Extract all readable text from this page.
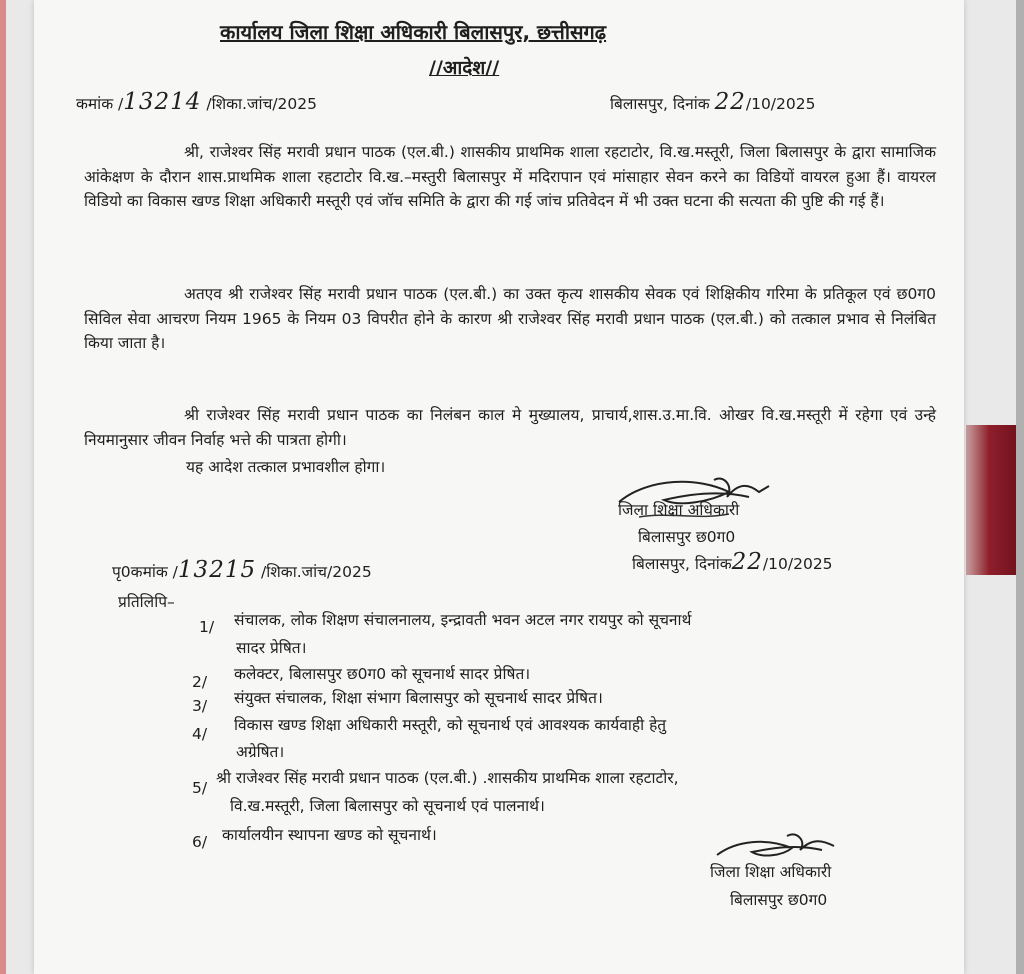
कार्यालय जिला शिक्षा अधिकारी बिलासपुर, छत्तीसगढ़
//आदेश//
कमांक /13214 /शिका.जांच/2025	बिलासपुर, दिनांक 22/10/2025
श्री, राजेश्वर सिंह मरावी प्रधान पाठक (एल.बी.) शासकीय प्राथमिक शाला रहटाटोर, वि.ख.मस्तूरी, जिला बिलासपुर के द्वारा सामाजिक आंकेक्षण के दौरान शास.प्राथमिक शाला रहटाटोर वि.ख.–मस्तुरी बिलासपुर में मदिरापान एवं मांसाहार सेवन करने का विडियों वायरल हुआ हैं। वायरल विडियो का विकास खण्ड शिक्षा अधिकारी मस्तूरी एवं जॉच समिति के द्वारा की गई जांच प्रतिवेदन में भी उक्त घटना की सत्यता की पुष्टि की गई हैं।
अतएव श्री राजेश्वर सिंह मरावी प्रधान पाठक (एल.बी.) का उक्त कृत्य शासकीय सेवक एवं शिक्षिकीय गरिमा के प्रतिकूल एवं छ0ग0 सिविल सेवा आचरण नियम 1965 के नियम 03 विपरीत होने के कारण श्री राजेश्वर सिंह मरावी प्रधान पाठक (एल.बी.) को तत्काल प्रभाव से निलंबित किया जाता है।
श्री राजेश्वर सिंह मरावी प्रधान पाठक का निलंबन काल मे मुख्यालय, प्राचार्य,शास.उ.मा.वि. ओखर वि.ख.मस्तूरी में रहेगा एवं उन्हे नियमानुसार जीवन निर्वाह भत्ते की पात्रता होगी।
यह आदेश तत्काल प्रभावशील होगा।
जिला शिक्षा अधिकारी
बिलासपुर छ0ग0
पृ0कमांक /13215 /शिका.जांच/2025	बिलासपुर, दिनांक22/10/2025
प्रतिलिपि–
1/ संचालक, लोक शिक्षण संचालनालय, इन्द्रावती भवन अटल नगर रायपुर को सूचनार्थ
सादर प्रेषित।
2/ कलेक्टर, बिलासपुर छ0ग0 को सूचनार्थ सादर प्रेषित।
3/ संयुक्त संचालक, शिक्षा संभाग बिलासपुर को सूचनार्थ सादर प्रेषित।
4/ विकास खण्ड शिक्षा अधिकारी मस्तूरी, को सूचनार्थ एवं आवश्यक कार्यवाही हेतु
अग्रेषित।
5/
श्री राजेश्वर सिंह मरावी प्रधान पाठक (एल.बी.) .शासकीय प्राथमिक शाला रहटाटोर,
वि.ख.मस्तूरी, जिला बिलासपुर को सूचनार्थ एवं पालनार्थ।
6/ कार्यालयीन स्थापना खण्ड को सूचनार्थ।
जिला शिक्षा अधिकारी
बिलासपुर छ0ग0
